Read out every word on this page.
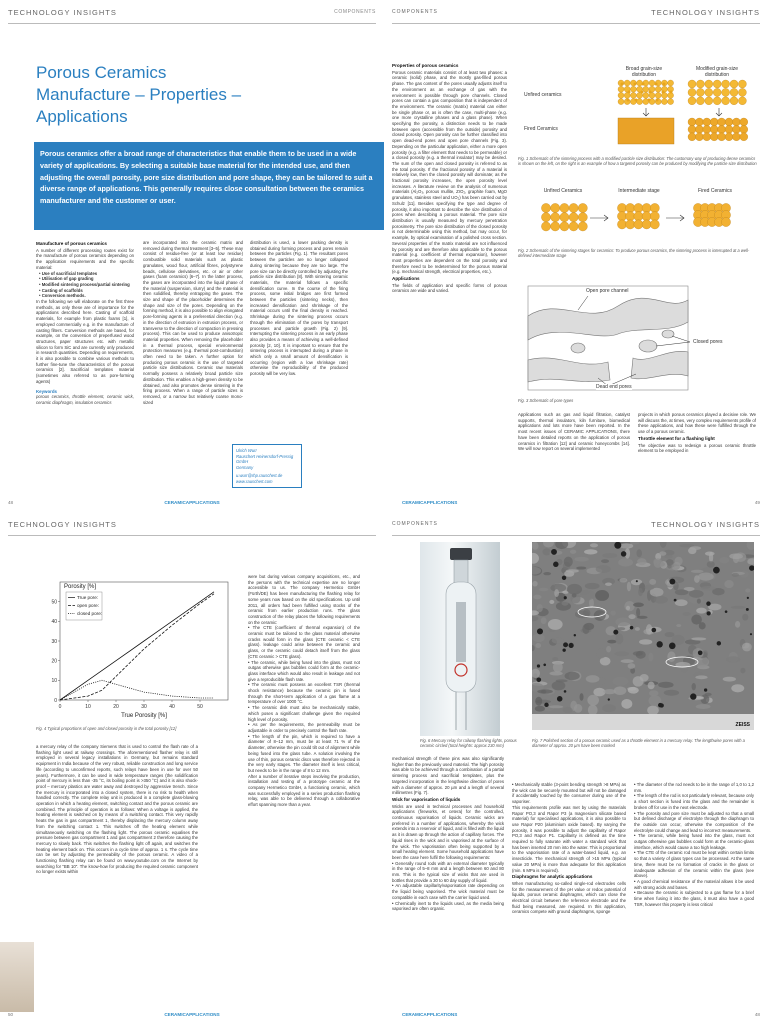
TECHNOLOGY INSIGHTS	COMPONENTS
Porous Ceramics
Manufacture – Properties –
Applications
Porous ceramics offer a broad range of characteristics that enable them to be used in a wide variety of applications. By selecting a suitable base material for the intended use, and then adjusting the overall porosity, pore size distribution and pore shape, they can be tailored to suit a diverse range of applications. This generally requires close consultation between the ceramics manufacturer and the customer or user.
Manufacture of porous ceramics
A number of different processing routes exist for the manufacture of porous ceramics depending on the application requirements and the specific material:
• Use of sacrificial templates
• Utilisation of gap grading
• Modified sintering process/partial sintering
• Casting of scaffolds
• Conversion methods.
In the following we will elaborate on the first three methods, as only these are of importance for the applications described here. Casting of scaffold materials, for example from plastic foams [1], is employed commercially e.g. in the manufacture of casting filters. Conversion methods are based, for example, on the conversion of preperfused wood structures, paper structures etc. with metallic silicon to form SiC and are currently only produced in research quantities. Depending on requirements, it is also possible to combine various methods to further fine-tune the characteristics of the porous ceramics [2]. Sacrificial templates material (sometimes also referred to as pore-forming agents)
Keywords
porous ceramics, throttle element, ceramic wick, ceramic diaphragm, insulation ceramics
are incorporated into the ceramic matrix and removed during thermal treatment [3–5]. These may consist of residue-free (or at least low residue) combustible solid materials such as plastic granulates, wood flour, artificial fibres, polystyrene beads, cellulose derivatives, etc. or air or other gases (foam ceramics) [6–7]. In the latter process, the gases are incorporated into the liquid phase of the material (suspension, slurry) and the material is then solidified, thereby entrapping the gases. The size and shape of the placeholder determines the shape and size of the pores. Depending on the forming method, it is also possible to align elongated pore-forming agents in a preferential direction (e.g. in the direction of extrusion in extrusion process, or transverse to the direction of compaction in pressing process). This can be used to produce anisotropic material properties. When removing the placeholder in a thermal process, special environmental protection measures (e.g. thermal post-combustion) often need to be taken. A further option for producing porous ceramic is the use of targeted particle size distributions. Ceramic raw materials normally possess a relatively broad particle size distribution. This enables a high-green density to be obtained, and also promotes dense sintering in the firing process. When a range of particle sizes is removed, or a narrow but relatively coarse mono-sized
distribution is used, a lower packing density is obtained during forming process and pores remain between the particles (Fig. 1). The resultant pores between the particles are no longer collapsed during sintering because they are too large. The pore size can be directly controlled by adjusting the particle size distribution [8]. With sintering ceramic materials, the material follows a specific densification curve. In the course of the firing process, some initial bridges are first formed between the particles (sintering necks), then increased densification and shrinkage of the material occurs until the final density is reached. Shrinkage during the sintering process occurs through the elimination of the pores by transport processes and particle growth (Fig. 2) [9]. Interrupting the sintering process in an early phase also provides a means of achieving a well-defined porosity [2, 10]. It is important to ensure that the sintering process is interrupted during a phase in which only a small amount of densification is occurring (region with a low shrinkage rate) otherwise the reproducibility of the produced porosity will be very low.
Ulrich Wurr
Rauschert Heinersdorf-Pressig GmbH
Germany
u.wurr@rhp.rauschert.de
www.rauschert.com
48	CERAMICAPPLICATIONS
COMPONENTS	TECHNOLOGY INSIGHTS
Properties of porous ceramics
Porous ceramic materials consist of at least two phases: a ceramic (solid) phase, and the mostly gas-filled porous phase. The gas content of the pores usually adjusts itself to the environment as an exchange of gas with the environment is possible through pore channels. Closed pores can contain a gas composition that is independent of the environment. The ceramic (matrix) material can either be single phase or, as is often the case, multi-phase (e.g. one more crystalline phases and a glass phase). When specifying the porosity, a distinction needs to be made between open (accessible from the outside) porosity and closed porosity. Open porosity can be further classified into open dead-end pores and open pore channels (Fig. 3). Depending on the particular application, either a more open porosity (e.g. a filter element that needs to be permeable) or a closed porosity (e.g. a thermal insulator) may be desired. The sum of the open and closed porosity is referred to as the total porosity. If the fractional porosity of a material is relatively low, then the closed porosity will dominate; as the fractional porosity increases, the open porosity level increases. A literature review on the analysis of numerous materials (Al₂O₃, porous mullite, ZrO₂, graphite foam, MgO granulates, stainless steel and UO₂) has been carried out by Schulz [11]. Besides specifying the type and degree of porosity, it also important to describe the size distribution of pores when describing a porous material. The pore size distribution is usually measured by mercury penetration porosimetry. The pore size distribution of the closed porosity is not determinable using this method, but may occur, for example, by optical examination of a polished cross section. Several properties of the matrix material are not influenced by porosity and are therefore also applicable to the porous material (e.g. coefficient of thermal expansion), however most properties are dependent on the total porosity and therefore need to be redetermined for the porous material (e.g. mechanical strength, electrical properties, etc.).
Applications
The fields of application and specific forms of porous ceramics are wide and varied.
Broad grain-size distribution
Modified grain-size distribution
Unfired ceramics
Fired Ceramics
Fig. 1 Schematic of the sintering process with a modified particle size distribution: The customary way of producing dense ceramics is shown on the left, on the right is an example of how a targeted porosity can be produced by modifying the particle size distribution
Unfired Ceramics	Intermediate stage	Fired Ceramics
Fig. 2 Schematic of the sintering stages for ceramics: To produce porous ceramics, the sintering process is interrupted at a well-defined intermediate stage
Open pore channel
Closed pores
Dead end pores
Fig. 3 Schematic of pore types
Applications such as gas and liquid filtration, catalyst supports, thermal insulators, kiln furniture, biomedical applications and lots more have been reported. In the most recent issues of CERAMIC APPLICATIONS, there have been detailed reports on the application of porous ceramics in filtration [12] and ceramic honeycombs [14]. We will now report on several implemented
projects in which porous ceramics played a decisive role. We will discuss the, at times, very complex requirements profile of these applications, and how these were fulfilled through the use of a porous ceramic.
Throttle element for a flashing light
The objective was to redesign a porous ceramic throttle element to be employed in
CERAMICAPPLICATIONS	49
TECHNOLOGY INSIGHTS
0	10	20	30	40	50
0
10
20
30
40
50
True Porosity [%]
Porosity [%]
True pore:
open pore:
closed pore:
Fig. 4 Typical proportions of open and closed porosity in the total porosity [12]
a mercury relay of the company Siemens that is used to control the flash rate of a flashing light used at railway crossings. The aforementioned flasher relay is still employed in several legacy installations in Germany, but remains standard equipment in India because of the very robust, reliable construction and long service life (according to unconfirmed reports, such relays have been in use for over 50 years). Furthermore, it can be used in wide temperature ranges (the solidification point of mercury is less than -35 °C, its boiling point is >350 °C) and it is also shock-proof – mercury plastics are water away and destroyed by aggressive trench. Since the mercury is incorporated into a closed system, there is no risk to health when handled correctly. The complete relay unit is produced in a complete glass-blowing operation in which a heating element, switching contact and the porous ceramic are combined. The principle of operation is as follows: When a voltage is applied, the heating element is switched on by means of a switching contact. This very rapidly heats the gas in gas compartment 1, thereby displacing the mercury column away from the switching contact 1. This switches off the heating element while simultaneously switching on the flashing light. The porous ceramic equalises the pressure between gas compartment 1 and gas compartment 2 therefore causing the mercury to slowly back. This switches the flashing light off again, and switches the heating element back on. This occurs in a cycle time of approx. 1 s. The cycle time can be set by adjusting the permeability of the porous ceramic. A video of a functioning flashing relay can be found on www.youtube.com on the Internet by searching for "BB 10". The know-how for producing the required ceramic component no longer exists within
were but during various company acquisitions, etc., and the persons with the technical expertise are no longer accessible to us. The company Hermetico GmbH (Fürth/DE) has been manufacturing the flashing relay for some years now based on the old specifications. Up until 2011, all orders had been fulfilled using stocks of the ceramic from earlier production runs. The glass construction of the relay places the following requirements on the ceramic:
• The CTE (coefficient of thermal expansion) of the ceramic must be tailored to the glass material otherwise cracks would form in the glass (CTE ceramic < CTE glass). leakage could arise between the ceramic and glass, or the ceramic could detach itself from the glass (CTE ceramic > CTE glass).
• The ceramic, while being fused into the glass, must not outgas otherwise gas bubbles could form at the ceramic-glass interface which would also result in leakage and not give a reproducible flash rate.
• The ceramic must possess an excellent TSR (thermal shock resistance) because the ceramic pin is fused through the short-term application of a gas flame at a temperature of over 1000 °C.
• The ceramic disk must also be mechanically stable, which poses a significant challenge given the required high level of porosity.
• As per the requirements, the permeability must be adjustable in order to precisely control the flash rate.
• The length of the pin, which is required to have a diameter of 8–12 mm, must be at least 71 % of the diameter, otherwise the pin could tilt out of alignment while being fused into the glass tube. A solution involving the use of thin, porous ceramic discs was therefore rejected in the very early stages. The diameter itself is less critical, but needs to be in the range of 8 to 12 mm.
After a number of iterative steps involving the production, installation and testing of a prototype ceramic at the company Hermetico GmbH, a functioning ceramic, which was successfully employed in a series production flashing relay, was able to be delivered through a collaborative effort spanning more than a year.
50	CERAMICAPPLICATIONS
COMPONENTS	TECHNOLOGY INSIGHTS
Fig. 6 Mercury relay for railway flashing lights, porous ceramic circled (total heights: approx 230 mm)
ZEISS
Fig. 7 Polished section of a porous ceramic used as a throttle element in a mercury relay. The lengthwise pores with a diameter of approx. 20 µm have been marked
mechanical strength of these pins was also significantly higher than the previously used material. The high porosity was able to be achieved through a combination of a partial sintering process and sacrificial templates, plus the targeted incorporation in the lengthwise direction of pores with a diameter of approx. 20 µm and a length of several millimetres (Fig. 7).
Wick for vaporisation of liquids
Wicks are used in technical processes and household applications (fireworks, et cetera) for the controlled, continuous vaporisation of liquids. Ceramic wicks are preferred in a number of applications, whereby the wick extends into a reservoir of liquid, and is filled with the liquid as it is drawn up through the action of capillary forces. The liquid rises in the wick and is vaporised at the surface of the wick. The vaporisation often being supported by a small heating element. Some household applications have been the case here fulfil the following requirements:
• Generally round rods with an external diameter typically in the range of 5–8 mm and a length between 60 and 80 mm. This is the typical size of wicks that are used in bottles that provide a 30 to 60 day supply of liquid.
• An adjustable capillarity/vaporisation rate depending on the liquid being vaporised. The wick material must be compatible in each case with the carrier liquid used.
• Chemically inert to the liquids used, as the media being vaporised are often organic.
• Mechanically stable (3-point bending strength >8 MPa) as the wick can be securely mounted but will not be damaged if accidentally touched by the consumer during use of the vaporiser.
This requirements profile was met by using the materials Rapor PO,3 and Rapor P3 (a magnesium silicate based material) for specialised applications, it is also possible to use Rapor P20 (aluminium oxide based). By varying the porosity, it was possible to adjust the capillarity of Rapor PO,3 and Rapor P1. Capillarity is defined as the time required to fully saturate with water a standard wick that has been inserted 20 mm into the water. This is proportional to the vaporisation rate of a water-based liquid, e.g. an insecticide. The mechanical strength of >15 MPa (typical value 20 MPa) is more than adequate for this application (min. 6 MPa is required).
Diaphragms for analytic applications
When manufacturing so-called single-rod electrodes cells for the measurement of the pH value or redox potential of liquids, porous ceramic diaphragms, which can close the electrical circuit between the reference electrode and the fluid being measured, are required. In this application, ceramics compete with ground diaphragms, sponge
• The diameter of the rod needs to be in the range of 1,0 to 1,2 mm.
• The length of the rod is not particularly relevant, because only a short section is fused into the glass and the remainder is broken off for use in the next electrode.
• The porosity and pore size must be adjusted so that a small but defined discharge of electrolyte through the diaphragm to the outside can occur, otherwise the composition of the electrolyte could change and lead to incorrect measurements.
• The ceramic, while being fused into the glass, must not outgas otherwise gas bubbles could form at the ceramic-glass interface, which would cause a too high leakage.
• The CTE of the ceramic rod must be kept within certain limits so that a variety of glass types can be processed. At the same time, there must be no formation of cracks in the glass or inadequate adhesion of the ceramic within the glass (see above).
• A good chemical resistance of the material allows it be used with strong acids and bases.
• Because the ceramic is subjected to a gas flame for a brief time when fusing it into the glass, it must also have a good TSR, however this property is less critical
CERAMICAPPLICATIONS	48
